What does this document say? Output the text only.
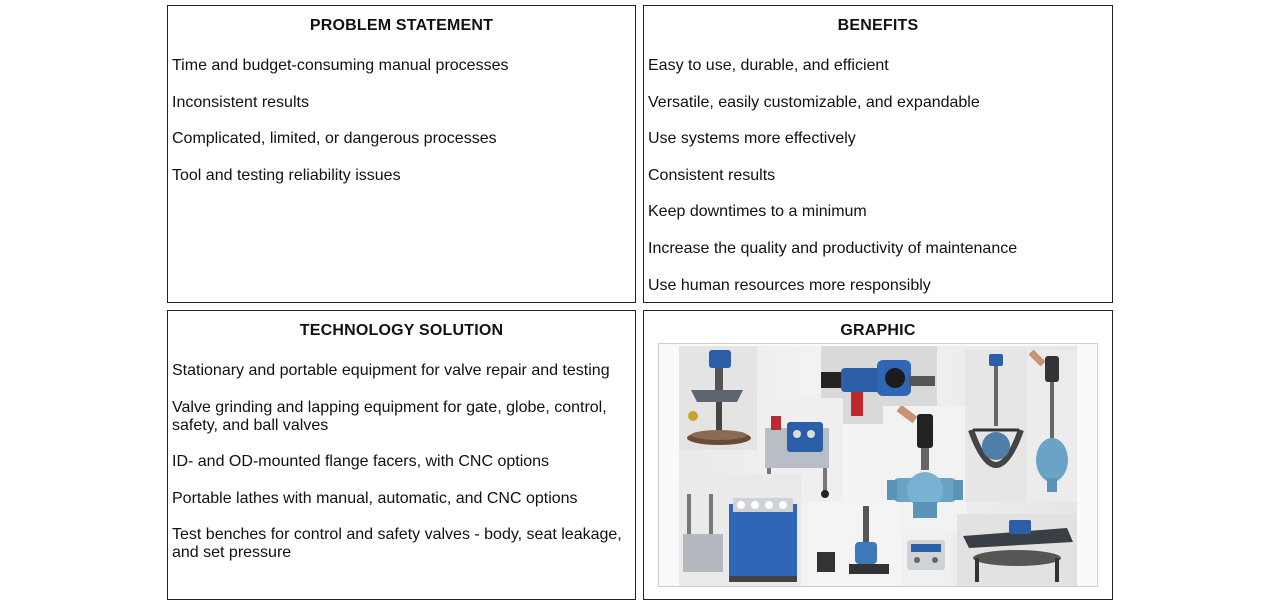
PROBLEM STATEMENT
Time and budget-consuming manual processes
Inconsistent results
Complicated, limited, or dangerous processes
Tool and testing reliability issues
BENEFITS
Easy to use, durable, and efficient
Versatile, easily customizable, and expandable
Use systems more effectively
Consistent results
Keep downtimes to a minimum
Increase the quality and productivity of maintenance
Use human resources more responsibly
TECHNOLOGY SOLUTION
Stationary and portable equipment for valve repair and testing
Valve grinding and lapping equipment for gate, globe, control, safety, and ball valves
ID- and OD-mounted flange facers, with CNC options
Portable lathes with manual, automatic, and CNC options
Test benches for control and safety valves - body, seat leakage, and set pressure
GRAPHIC
